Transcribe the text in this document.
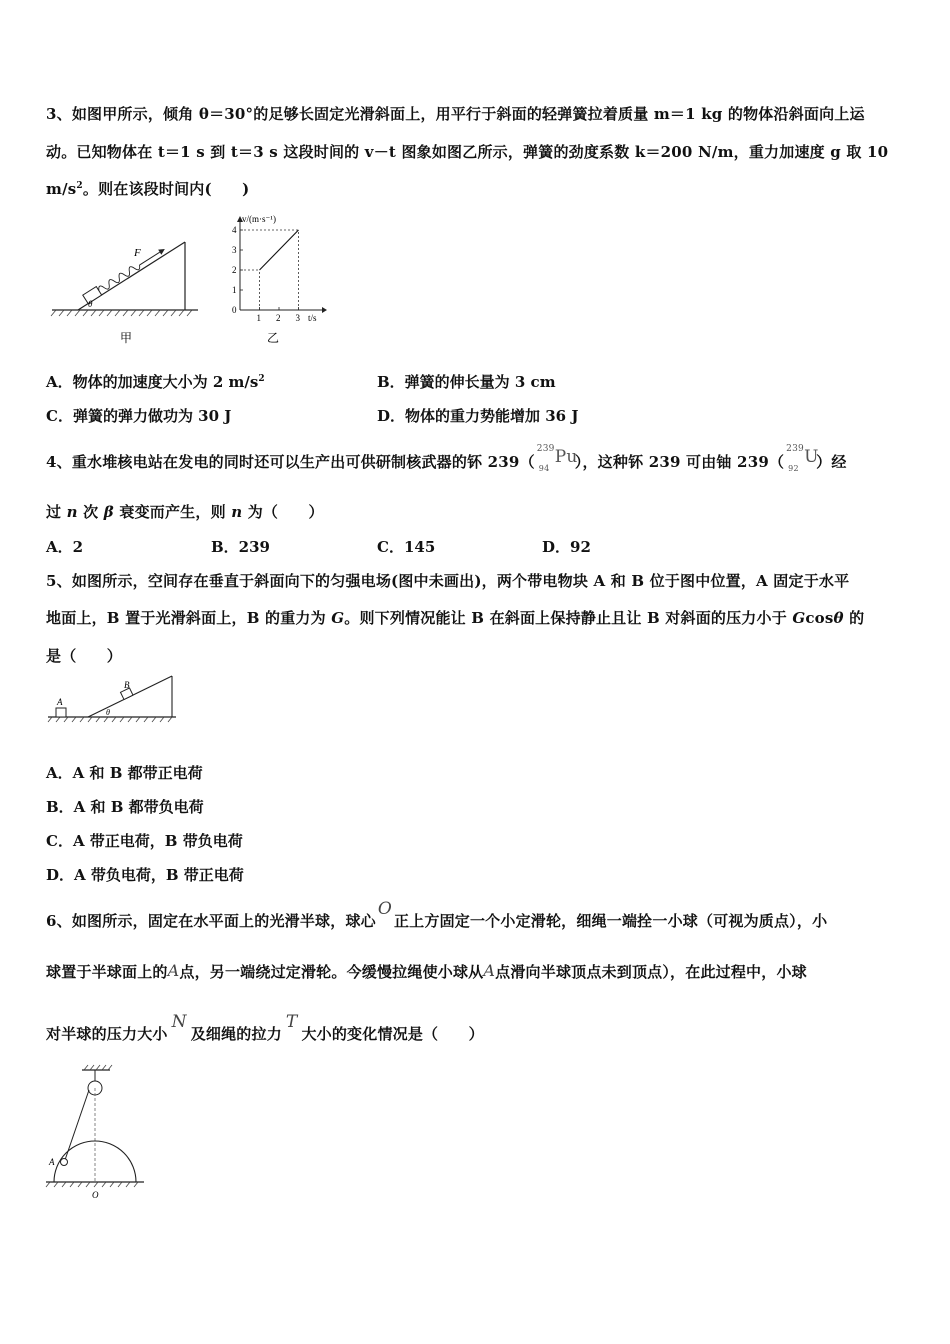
3、如图甲所示，倾角 θ＝30°的足够长固定光滑斜面上，用平行于斜面的轻弹簧拉着质量 m＝1 kg 的物体沿斜面向上运
动。已知物体在 t＝1 s 到 t＝3 s 这段时间的 v－t 图象如图乙所示，弹簧的劲度系数 k＝200 N/m，重力加速度 g 取 10
$m/s^2$。则在该段时间内(　　)
F
θ
甲
v/(m·s⁻¹)
t/s
0
1
2
3
4
1 2 3
乙
A．物体的加速度大小为 2 $m/s^2$	B．弹簧的伸长量为 3 cm
C．弹簧的弹力做功为 30 J	D．物体的重力势能增加 36 J
4、重水堆核电站在发电的同时还可以生产出可供研制核武器的钚 239（
239
94
Pu
），这种钚 239 可由铀 239（
239
92
U
）经
过 n 次 β 衰变而产生，则 n 为（　　）
A．2	B．239	C．145	D．92
5、如图所示，空间存在垂直于斜面向下的匀强电场(图中未画出)，两个带电物块 A 和 B 位于图中位置，A 固定于水平
地面上，B 置于光滑斜面上，B 的重力为 G。则下列情况能让 B 在斜面上保持静止且让 B 对斜面的压力小于 Gcosθ 的
是（　　）
A
B
θ
A．A 和 B 都带正电荷
B．A 和 B 都带负电荷
C．A 带正电荷，B 带负电荷
D．A 带负电荷，B 带正电荷
6、如图所示，固定在水平面上的光滑半球，球心O正上方固定一个小定滑轮，细绳一端拴一小球（可视为质点），小
球置于半球面上的A点，另一端绕过定滑轮。今缓慢拉绳使小球从A点滑向半球顶点未到顶点），在此过程中，小球
对半球的压力大小N及细绳的拉力T大小的变化情况是（　　）
A
O
